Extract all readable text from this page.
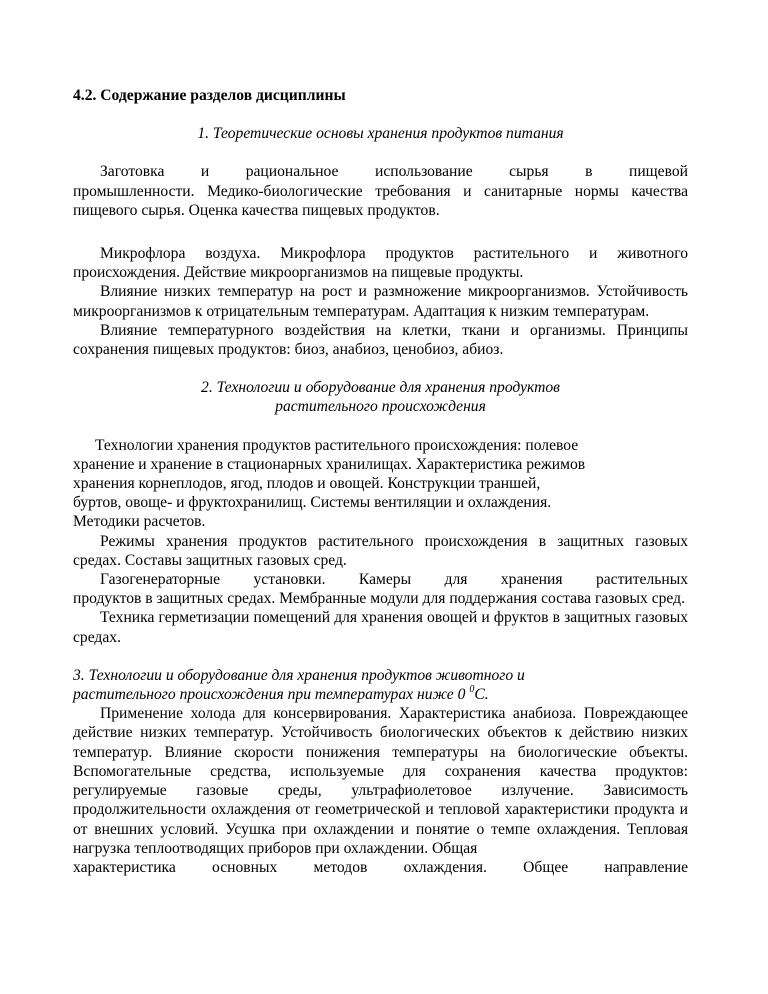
4.2. Содержание разделов дисциплины

1. Теоретические основы хранения продуктов питания

Заготовка и рациональное использование сырья в пищевой

промышленности. Медико-биологические требования и санитарные нормы качества пищевого сырья. Оценка качества пищевых продуктов.

Микрофлора воздуха. Микрофлора продуктов растительного и животного происхождения. Действие микроорганизмов на пищевые продукты.

Влияние низких температур на рост и размножение микроорганизмов. Устойчивость микроорганизмов к отрицательным температурам. Адаптация к низким температурам.

Влияние температурного воздействия на клетки, ткани и организмы. Принципы сохранения пищевых продуктов: биоз, анабиоз, ценобиоз, абиоз.

2. Технологии и оборудование для хранения продуктов

растительного происхождения

Технологии хранения продуктов растительного происхождения: полевое

хранение и хранение в стационарных хранилищах. Характеристика режимов

хранения корнеплодов, ягод, плодов и овощей. Конструкции траншей,

буртов, овоще- и фруктохранилищ. Системы вентиляции и охлаждения.

Методики расчетов.

Режимы хранения продуктов растительного происхождения в защитных газовых средах. Составы защитных газовых сред.

Газогенераторные установки. Камеры для хранения растительных

продуктов в защитных средах. Мембранные модули для поддержания состава газовых сред.

Техника герметизации помещений для хранения овощей и фруктов в защитных газовых средах.

3. Технологии и оборудование для хранения продуктов животного и

растительного происхождения при температурах ниже 0 $^0$С.

Применение холода для консервирования. Характеристика анабиоза. Повреждающее действие низких температур. Устойчивость биологических объектов к действию низких температур. Влияние скорости понижения температуры на биологические объекты. Вспомогательные средства, используемые для сохранения качества продуктов: регулируемые газовые среды, ультрафиолетовое излучение. Зависимость продолжительности охлаждения от геометрической и тепловой характеристики продукта и от внешних условий. Усушка при охлаждении и понятие о темпе охлаждения. Тепловая нагрузка теплоотводящих приборов при охлаждении. Общая

характеристика основных методов охлаждения. Общее направление
